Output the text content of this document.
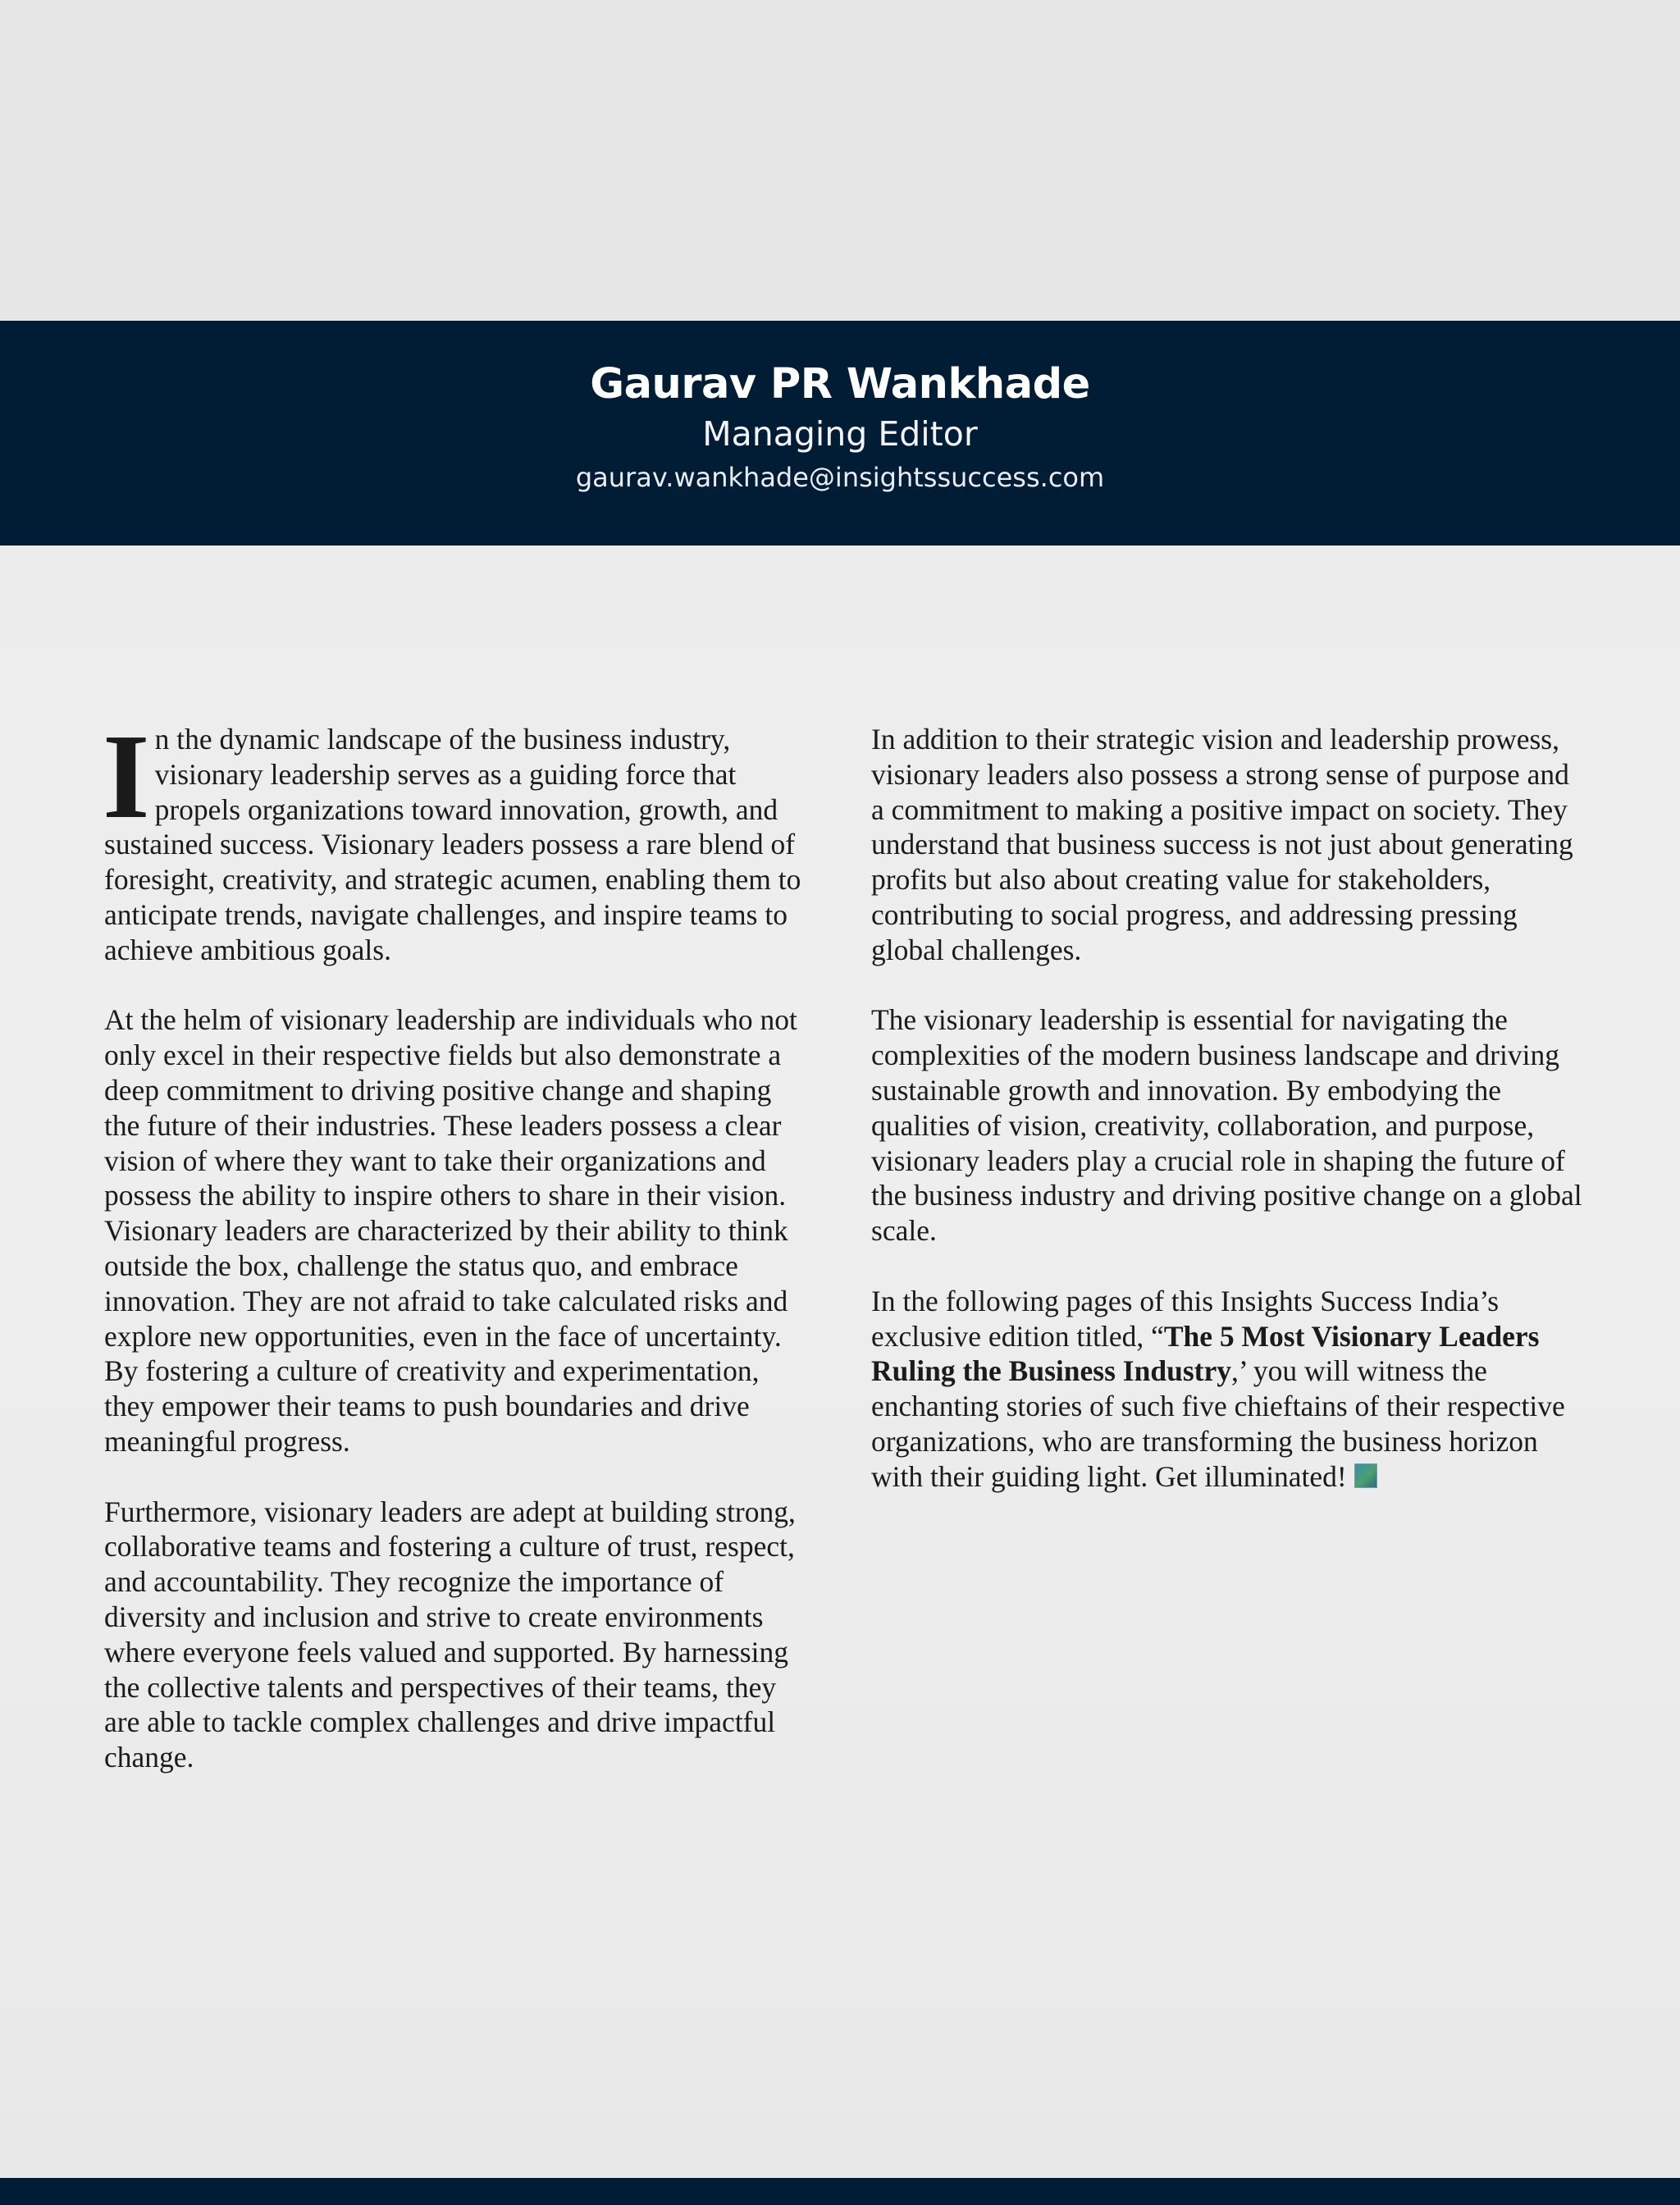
Gaurav PR Wankhade
Managing Editor
gaurav.wankhade@insightssuccess.com

In the dynamic landscape of the business industry, visionary leadership serves as a guiding force that propels organizations toward innovation, growth, and sustained success. Visionary leaders possess a rare blend of foresight, creativity, and strategic acumen, enabling them to anticipate trends, navigate challenges, and inspire teams to achieve ambitious goals.

At the helm of visionary leadership are individuals who not only excel in their respective fields but also demonstrate a deep commitment to driving positive change and shaping the future of their industries. These leaders possess a clear vision of where they want to take their organizations and possess the ability to inspire others to share in their vision. Visionary leaders are characterized by their ability to think outside the box, challenge the status quo, and embrace innovation. They are not afraid to take calculated risks and explore new opportunities, even in the face of uncertainty. By fostering a culture of creativity and experimentation, they empower their teams to push boundaries and drive meaningful progress.

Furthermore, visionary leaders are adept at building strong, collaborative teams and fostering a culture of trust, respect, and accountability. They recognize the importance of diversity and inclusion and strive to create environments where everyone feels valued and supported. By harnessing the collective talents and perspectives of their teams, they are able to tackle complex challenges and drive impactful change.

In addition to their strategic vision and leadership prowess, visionary leaders also possess a strong sense of purpose and a commitment to making a positive impact on society. They understand that business success is not just about generating profits but also about creating value for stakeholders, contributing to social progress, and addressing pressing global challenges.

The visionary leadership is essential for navigating the complexities of the modern business landscape and driving sustainable growth and innovation. By embodying the qualities of vision, creativity, collaboration, and purpose, visionary leaders play a crucial role in shaping the future of the business industry and driving positive change on a global scale.

In the following pages of this Insights Success India’s exclusive edition titled, “The 5 Most Visionary Leaders Ruling the Business Industry,’ you will witness the enchanting stories of such five chieftains of their respective organizations, who are transforming the business horizon with their guiding light. Get illuminated!
